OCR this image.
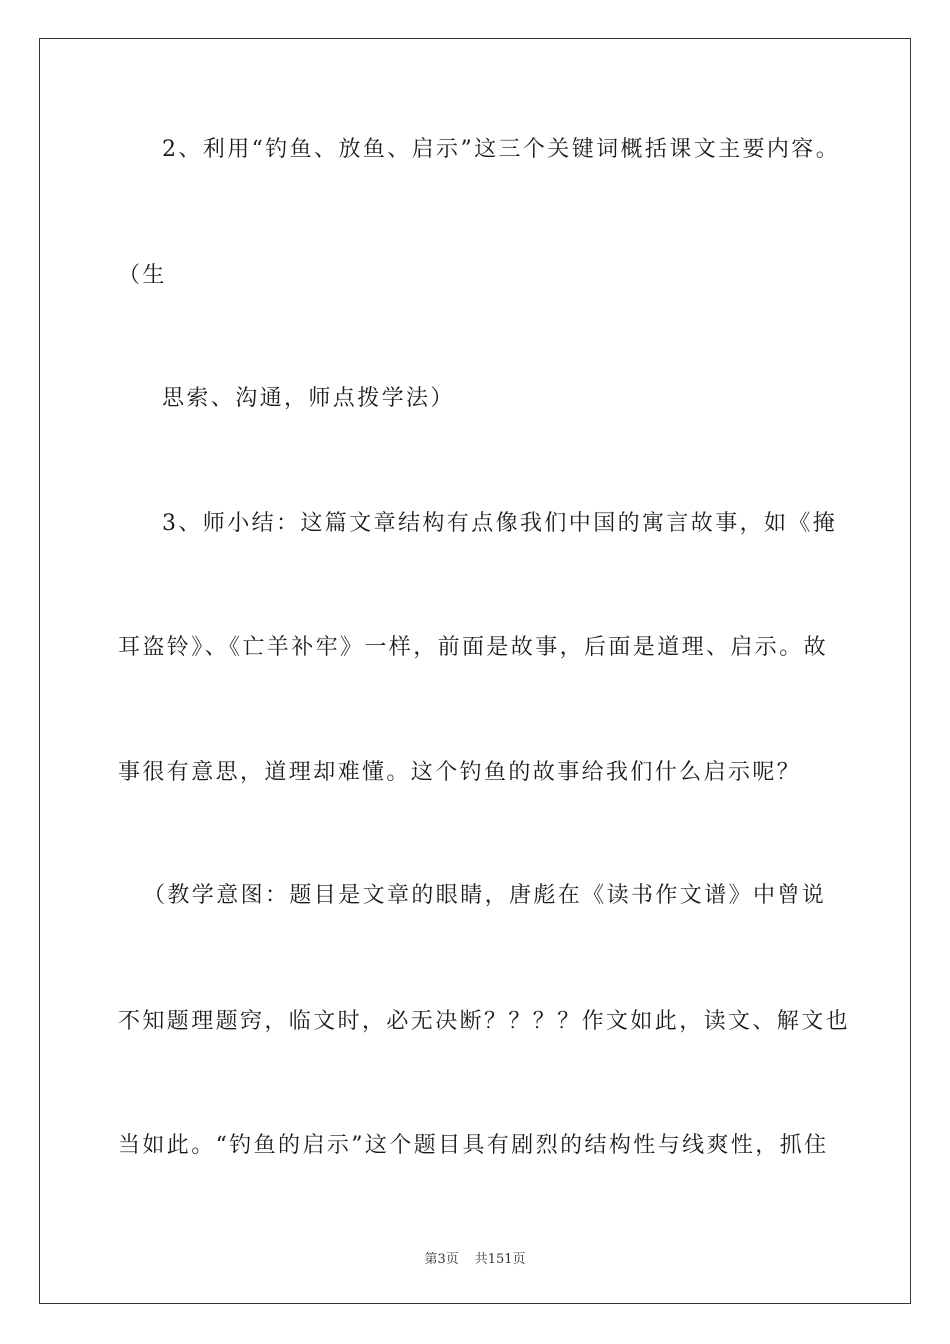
2、利用“钓鱼、放鱼、启示”这三个关键词概括课文主要内容。
（生
思索、沟通，师点拨学法）
3、师小结：这篇文章结构有点像我们中国的寓言故事，如《掩
耳盗铃》、《亡羊补牢》一样，前面是故事，后面是道理、启示。故
事很有意思，道理却难懂。这个钓鱼的故事给我们什么启示呢？
（教学意图：题目是文章的眼睛，唐彪在《读书作文谱》中曾说
不知题理题窍，临文时，必无决断？？？？作文如此，读文、解文也
当如此。“钓鱼的启示”这个题目具有剧烈的结构性与线爽性，抓住
第3页 共151页
